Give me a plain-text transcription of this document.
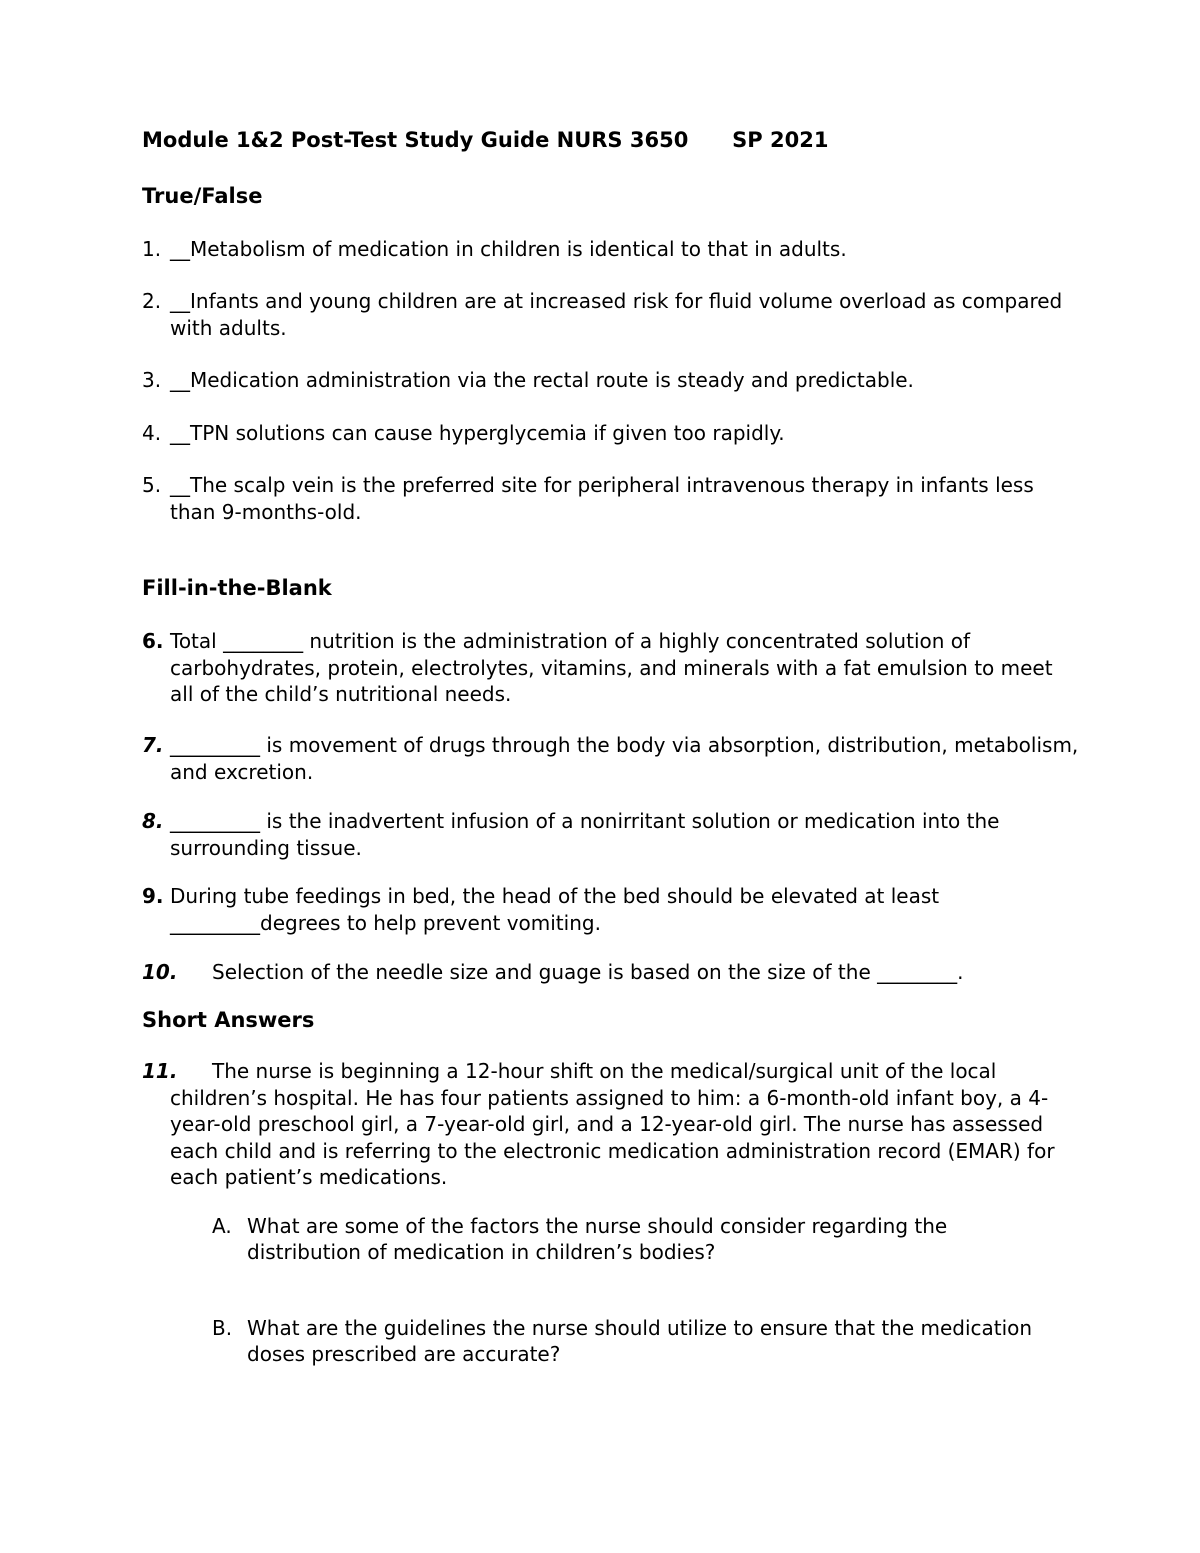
Module 1&2 Post-Test Study Guide NURS 3650      SP 2021
True/False
1. __Metabolism of medication in children is identical to that in adults.
2. __Infants and young children are at increased risk for fluid volume overload as compared with adults.
3. __Medication administration via the rectal route is steady and predictable.
4. __TPN solutions can cause hyperglycemia if given too rapidly.
5. __The scalp vein is the preferred site for peripheral intravenous therapy in infants less than 9-months-old.
Fill-in-the-Blank
6. Total ________ nutrition is the administration of a highly concentrated solution of carbohydrates, protein, electrolytes, vitamins, and minerals with a fat emulsion to meet all of the child’s nutritional needs.
7. _________ is movement of drugs through the body via absorption, distribution, metabolism, and excretion.
8. _________ is the inadvertent infusion of a nonirritant solution or medication into the surrounding tissue.
9. During tube feedings in bed, the head of the bed should be elevated at least _________degrees to help prevent vomiting.
10. Selection of the needle size and guage is based on the size of the ________.
Short Answers
11.	The nurse is beginning a 12-hour shift on the medical/surgical unit of the local children’s hospital. He has four patients assigned to him: a 6-month-old infant boy, a 4-year-old preschool girl, a 7-year-old girl, and a 12-year-old girl. The nurse has assessed each child and is referring to the electronic medication administration record (EMAR) for each patient’s medications.
A. What are some of the factors the nurse should consider regarding the distribution of medication in children’s bodies?
B. What are the guidelines the nurse should utilize to ensure that the medication doses prescribed are accurate?
